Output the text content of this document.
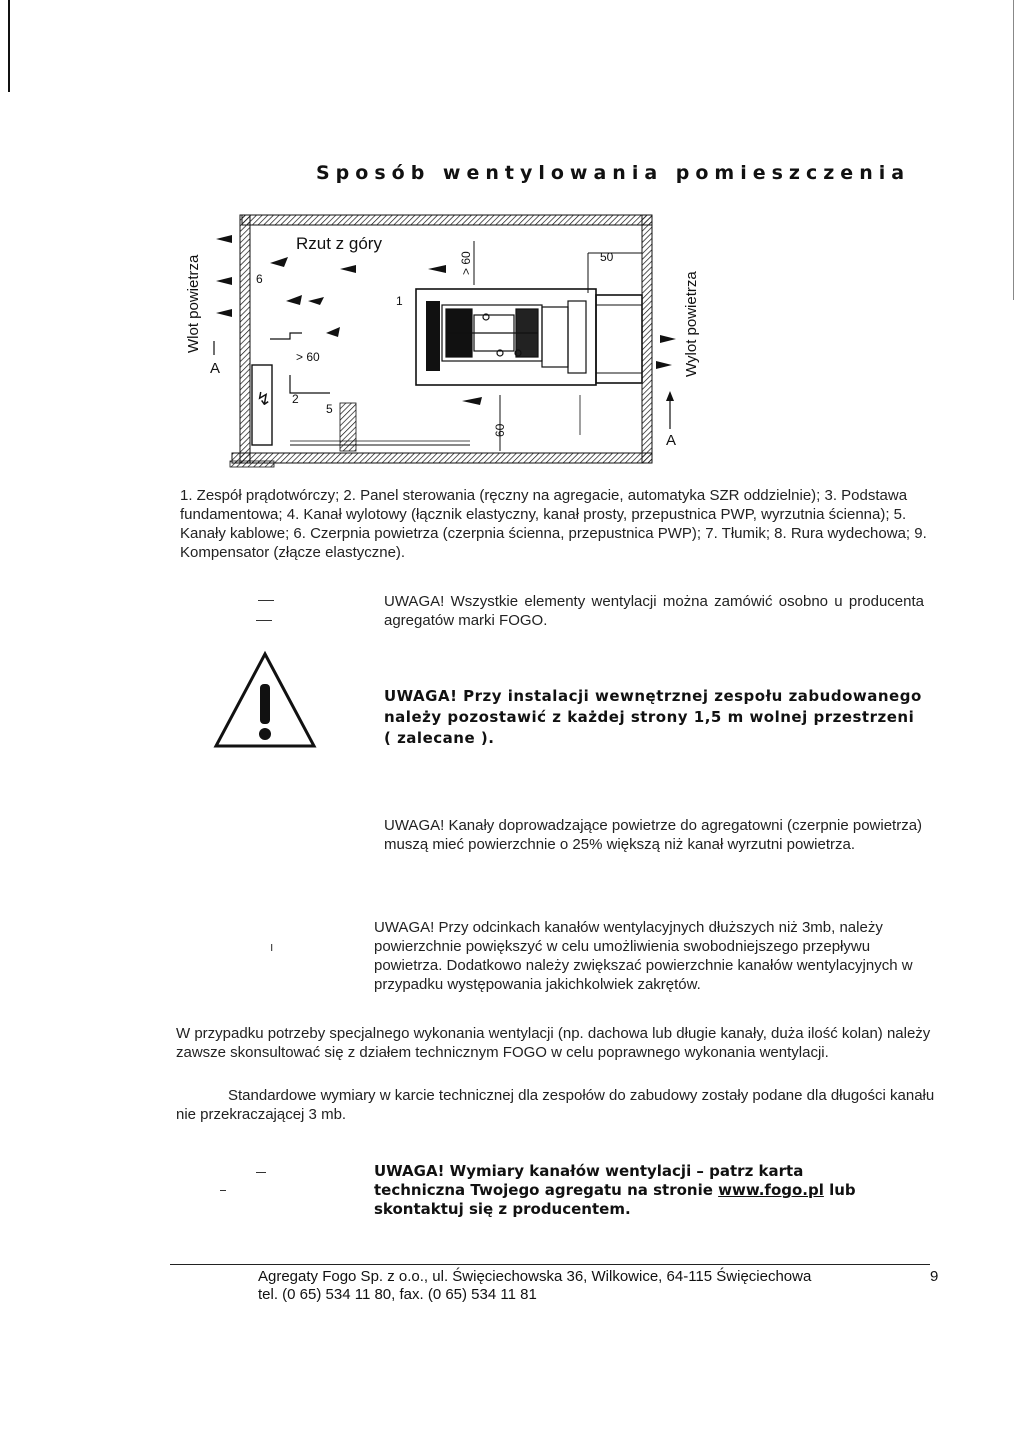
Sposób wentylowania pomieszczenia
Wlot powietrza	Wylot powietrza
Rzut z góry
A
A
6
1
2
5
> 60
50
> 60
60
↯
1. Zespół prądotwórczy; 2. Panel sterowania (ręczny na agregacie, automatyka SZR oddzielnie); 3. Podstawa fundamentowa; 4. Kanał wylotowy (łącznik elastyczny, kanał prosty, przepustnica PWP, wyrzutnia ścienna); 5. Kanały kablowe; 6. Czerpnia powietrza (czerpnia ścienna, przepustnica PWP); 7. Tłumik; 8. Rura wydechowa; 9. Kompensator (złącze elastyczne).
UWAGA! Wszystkie elementy wentylacji można zamówić osobno u producenta agregatów marki FOGO.
UWAGA! Przy instalacji wewnętrznej zespołu zabudowanego należy pozostawić z każdej strony 1,5 m wolnej przestrzeni ( zalecane ).
UWAGA! Kanały doprowadzające powietrze do agregatowni (czerpnie powietrza) muszą mieć powierzchnie o 25% większą niż kanał wyrzutni powietrza.
ı
UWAGA! Przy odcinkach kanałów wentylacyjnych dłuższych niż 3mb, należy powierzchnie powiększyć w celu umożliwienia swobodniejszego przepływu powietrza. Dodatkowo należy zwiększać powierzchnie kanałów wentylacyjnych w przypadku występowania jakichkolwiek zakrętów.
W przypadku potrzeby specjalnego wykonania wentylacji (np. dachowa lub długie kanały, duża ilość kolan) należy zawsze skonsultować się z działem technicznym FOGO w celu poprawnego wykonania wentylacji.
Standardowe wymiary w karcie technicznej dla zespołów do zabudowy zostały podane dla długości kanału nie przekraczającej 3 mb.
UWAGA! Wymiary kanałów wentylacji – patrz karta techniczna Twojego agregatu na stronie www.fogo.pl lub skontaktuj się z producentem.
Agregaty Fogo Sp. z o.o., ul. Święciechowska 36, Wilkowice, 64-115 Święciechowa
tel. (0 65) 534 11 80, fax. (0 65) 534 11 81
9
